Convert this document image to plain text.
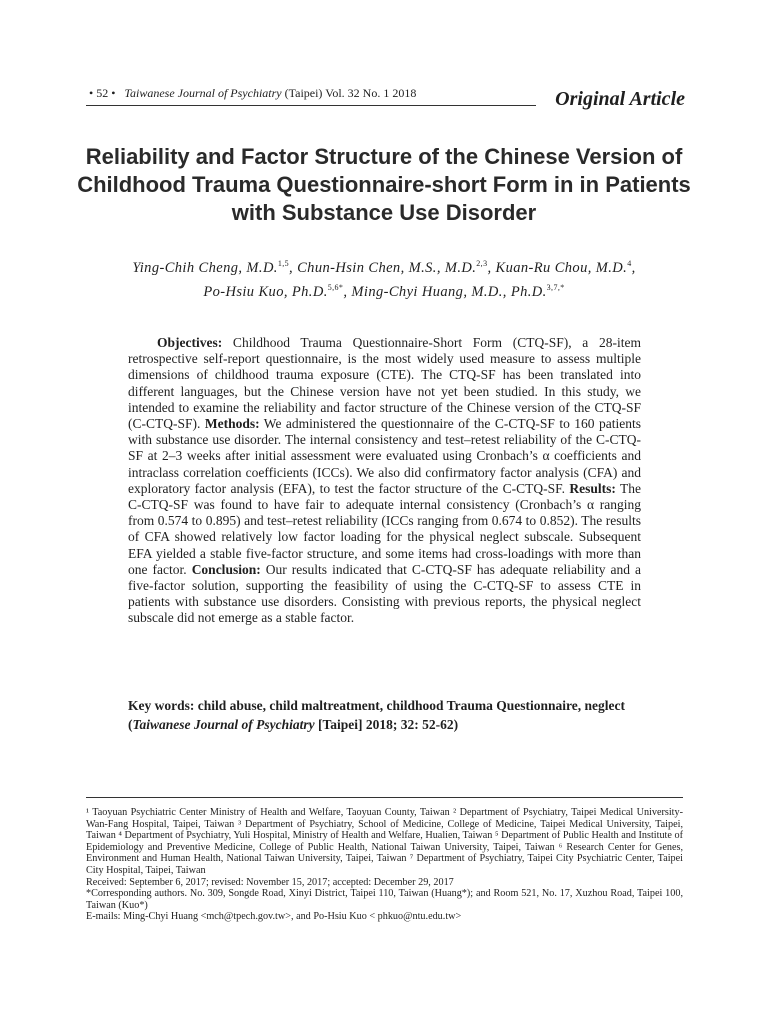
• 52 • Taiwanese Journal of Psychiatry (Taipei) Vol. 32 No. 1 2018	Original Article
Reliability and Factor Structure of the Chinese Version of Childhood Trauma Questionnaire-short Form in in Patients with Substance Use Disorder
Ying-Chih Cheng, M.D.$^{1,5}$, Chun-Hsin Chen, M.S., M.D.$^{2,3}$, Kuan-Ru Chou, M.D.$^4$,
Po-Hsiu Kuo, Ph.D.$^{5,6*}$, Ming-Chyi Huang, M.D., Ph.D.$^{3,7,*}$
Objectives: Childhood Trauma Questionnaire-Short Form (CTQ-SF), a 28-item retrospective self-report questionnaire, is the most widely used measure to assess multiple dimensions of childhood trauma exposure (CTE). The CTQ-SF has been translated into different languages, but the Chinese version have not yet been studied. In this study, we intended to examine the reliability and factor structure of the Chinese version of the CTQ-SF (C-CTQ-SF). Methods: We administered the questionnaire of the C-CTQ-SF to 160 patients with substance use disorder. The internal consistency and test–retest reliability of the C-CTQ-SF at 2–3 weeks after initial assessment were evaluated using Cronbach’s α coefficients and intraclass correlation coefficients (ICCs). We also did confirmatory factor analysis (CFA) and exploratory factor analysis (EFA), to test the factor structure of the C-CTQ-SF. Results: The C-CTQ-SF was found to have fair to adequate internal consistency (Cronbach’s α ranging from 0.574 to 0.895) and test–retest reliability (ICCs ranging from 0.674 to 0.852). The results of CFA showed relatively low factor loading for the physical neglect subscale. Subsequent EFA yielded a stable five-factor structure, and some items had cross-loadings with more than one factor. Conclusion: Our results indicated that C-CTQ-SF has adequate reliability and a five-factor solution, supporting the feasibility of using the C-CTQ-SF to assess CTE in patients with substance use disorders. Consisting with previous reports, the physical neglect subscale did not emerge as a stable factor.
Key words: child abuse, child maltreatment, childhood Trauma Questionnaire, neglect
(Taiwanese Journal of Psychiatry [Taipei] 2018; 32: 52-62)

¹ Taoyuan Psychiatric Center Ministry of Health and Welfare, Taoyuan County, Taiwan ² Department of Psychiatry, Taipei Medical University-Wan-Fang Hospital, Taipei, Taiwan ³ Department of Psychiatry, School of Medicine, College of Medicine, Taipei Medical University, Taipei, Taiwan ⁴ Department of Psychiatry, Yuli Hospital, Ministry of Health and Welfare, Hualien, Taiwan ⁵ Department of Public Health and Institute of Epidemiology and Preventive Medicine, College of Public Health, National Taiwan University, Taipei, Taiwan ⁶ Research Center for Genes, Environment and Human Health, National Taiwan University, Taipei, Taiwan ⁷ Department of Psychiatry, Taipei City Psychiatric Center, Taipei City Hospital, Taipei, Taiwan

Received: September 6, 2017; revised: November 15, 2017; accepted: December 29, 2017

*Corresponding authors. No. 309, Songde Road, Xinyi District, Taipei 110, Taiwan (Huang*); and Room 521, No. 17, Xuzhou Road, Taipei 100, Taiwan (Kuo*)

E-mails: Ming-Chyi Huang <mch@tpech.gov.tw>, and Po-Hsiu Kuo < phkuo@ntu.edu.tw>
